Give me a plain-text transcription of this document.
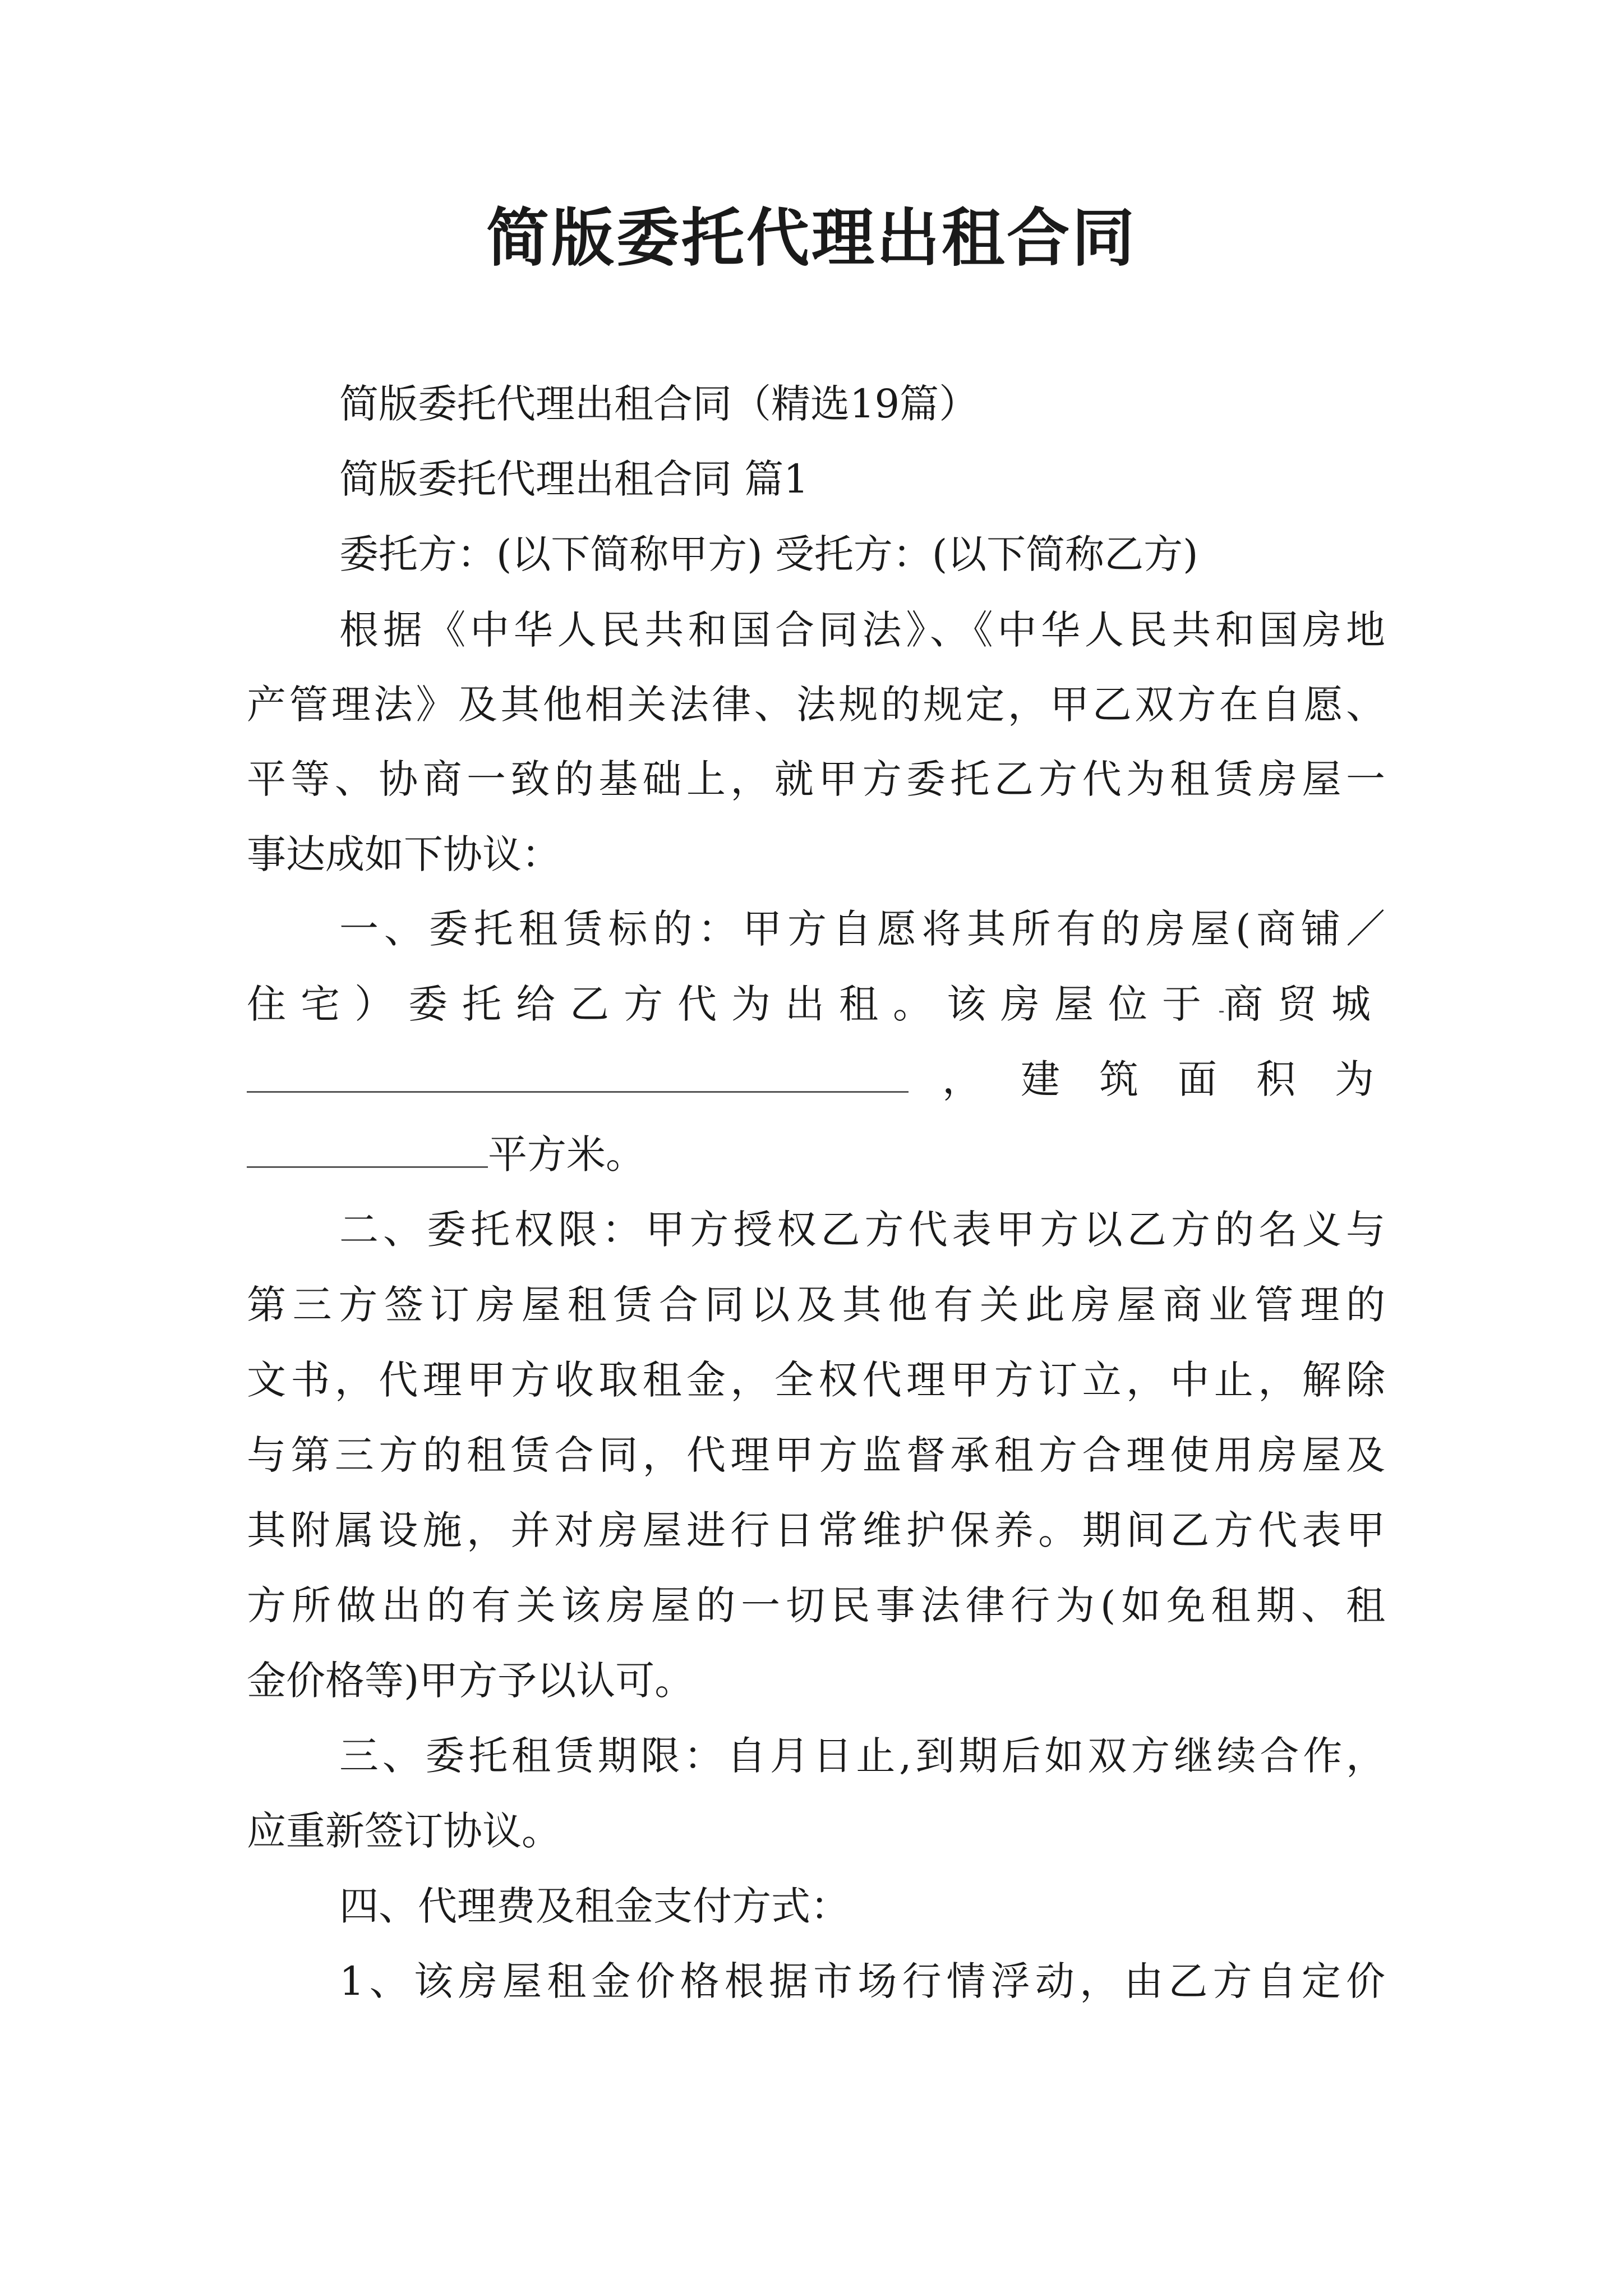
简版委托代理出租合同

简版委托代理出租合同（精选19篇）

简版委托代理出租合同 篇1

委托方：(以下简称甲方) 受托方：(以下简称乙方)

根据《中华人民共和国合同法》、《中华人民共和国房地

产管理法》及其他相关法律、法规的规定，甲乙双方在自愿、

平等、协商一致的基础上，就甲方委托乙方代为租赁房屋一

事达成如下协议：

一、委托租赁标的：甲方自愿将其所有的房屋(商铺／

住宅）委托给乙方代为出租。该房屋位于 商贸城

，建筑面积为

平方米。

二、委托权限：甲方授权乙方代表甲方以乙方的名义与

第三方签订房屋租赁合同以及其他有关此房屋商业管理的

文书，代理甲方收取租金，全权代理甲方订立，中止，解除

与第三方的租赁合同，代理甲方监督承租方合理使用房屋及

其附属设施，并对房屋进行日常维护保养。期间乙方代表甲

方所做出的有关该房屋的一切民事法律行为(如免租期、租

金价格等)甲方予以认可。

三、委托租赁期限：自月日止,到期后如双方继续合作，

应重新签订协议。

四、代理费及租金支付方式：

1、该房屋租金价格根据市场行情浮动，由乙方自定价
